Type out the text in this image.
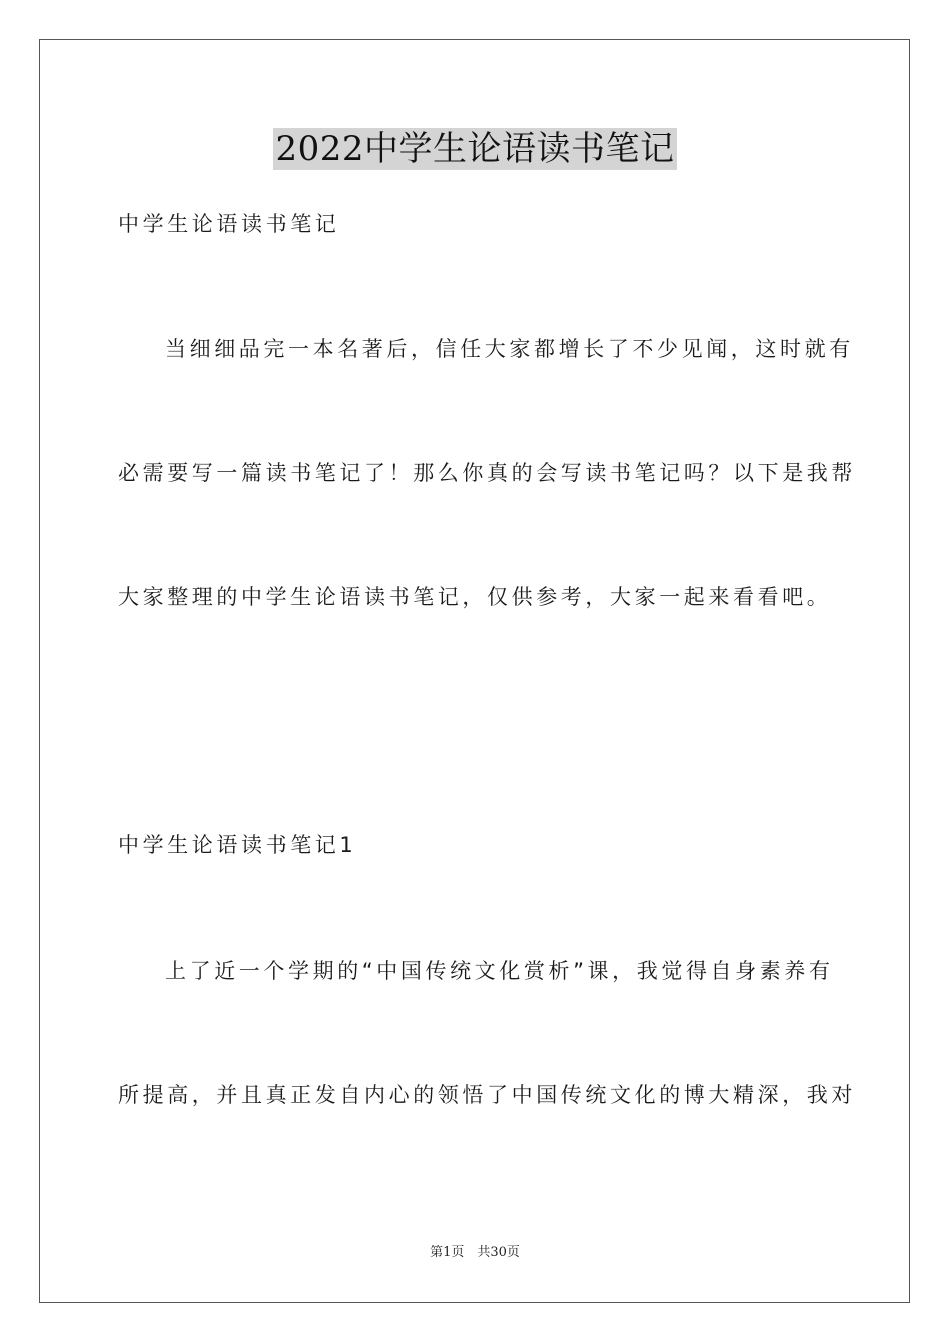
2022中学生论语读书笔记
中学生论语读书笔记
当细细品完一本名著后，信任大家都增长了不少见闻，这时就有
必需要写一篇读书笔记了！那么你真的会写读书笔记吗？以下是我帮
大家整理的中学生论语读书笔记，仅供参考，大家一起来看看吧。
中学生论语读书笔记1
上了近一个学期的“中国传统文化赏析”课，我觉得自身素养有
所提高，并且真正发自内心的领悟了中国传统文化的博大精深，我对
第1页　共30页
